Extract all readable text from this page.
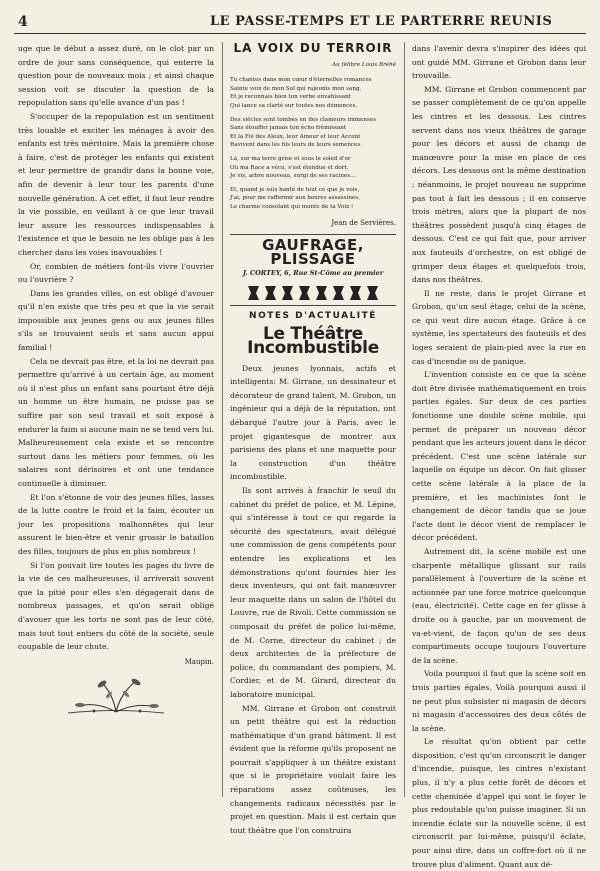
4	LE PASSE-TEMPS ET LE PARTERRE REUNIS

uge que le début a assez duré, on le clot par un ordre de jour sans conséquence, qui enterre la question pour de nouveaux mois ; et ainsi chaque session voit se discuter la question de la repopulation sans qu'elle avance d'un pas !

S'occuper de la repopulation est un sentiment très louable et exciter les ménages à avoir des enfants est très méritoire. Mais la première chose à faire, c'est de protéger les enfants qui existent et leur permettre de grandir dans la bonne voie, afin de devenir à leur tour les parents d'une nouvelle génération. A cet effet, il faut leur rendre la vie possible, en veillant à ce que leur travail leur assure les ressources indispensables à l'existence et que le besoin ne les oblige pas à les chercher dans les voies inavouables !

Or, combien de métiers font-ils vivre l'ouvrier ou l'ouvrière ?

Dans les grandes villes, on est obligé d'avouer qu'il n'en existe que très peu et que la vie serait impossible aux jeunes gens ou aux jeunes filles s'ils se trouvaient seuls et sans aucun appui familial !

Cela ne devrait pas être, et la loi ne devrait pas permettre qu'arrivé à un certain âge, au moment où il n'est plus un enfant sans pourtant être déjà un homme un être humain, ne puisse pas se suffire par son seul travail et soit exposé à endurer la faim si aucune main ne se tend vers lui. Malheureusement cela existe et se rencontre surtout dans les métiers pour femmes, où les salaires sont dérisoires et ont une tendance continuelle à diminuer.

Et l'on s'étonne de voir des jeunes filles, lasses de la lutte contre le froid et la faim, écouter un jour les propositions malhonnêtes qui leur assurent le bien-être et venir grossir le bataillon des filles, toujours de plus en plus nombreux !

Si l'on pouvait lire toutes les pages du livre de la vie de ces malheureuses, il arriverait souvent que la pitié pour elles s'en dégagerait dans de nombreux passages, et qu'on serait obligé d'avouer que les torts ne sont pas de leur côté, mais tout tout entiers du côté de la société, seule coupable de leur chute.

Maupin.
LA VOIX DU TERROIR
Au félibre Louis Bréhé
Tu chantes dans mon cœur d'éternelles romances
Sainte voix de mon Sol qui rajeunis mon sang,
Et je reconnais bien ton verbe envahissant
Qui lance sa clarté sur toutes nos démences.
Des siècles sont tombés en des clameurs immenses
Sans étouffer jamais ton écho frémissant
Et la Foi des Aïeux, leur Amour et leur Accent
Ravivent dans les fils leurs de leurs semences.
Là, sur ma terre grise et sous le soleil d'or
Où ma Race a vécu, s'est étendue et dort,
Je vis, arbre nouveau, surgi de ses racines...
Et, quand je suis hanté de tout ce que je vois,
J'ai, pour me raffermir aux heures assassines,
Le charme consolant qui monte de ta Voix !
Jean de Servières.
GAUFRAGE, PLISSAGE
J. CORTEY, 6, Rue St-Côme au premier
NOTES D'ACTUALITÉ
Le Théâtre Incombustible

Deux jeunes lyonnais, actifs et intelligents: M. Girrane, un dessinateur et décorateur de grand talent, M. Grobon, un ingénieur qui a déjà de la réputation, ont débarqué l'autre jour à Paris, avec le projet gigantesque de montrer aux parisiens des plans et une maquette pour la construction d'un théâtre incombustible.

Ils sont arrivés à franchir le seuil du cabinet du préfet de police, et M. Lépine, qui s'intéresse à tout ce qui regarde la sécurité des spectateurs, avait délégué une commission de gens compétents pour entendre les explications et les démonstrations qu'ont fournies hier les deux inventeurs, qui ont fait manœuvrer leur maquette dans un salon de l'hôtel du Louvre, rue de Rivoli. Cette commission se composait du préfet de police lui-même, de M. Corne, directeur du cabinet ; de deux architectes de la préfecture de police, du commandant des pompiers, M. Cordier, et de M. Girard, directeur du laboratoire municipal.

MM. Girrane et Grobon ont construit un petit théâtre qui est la réduction mathématique d'un grand bâtiment. Il est évident que la réforme qu'ils proposent ne pourrait s'appliquer à un théâtre existant que si le propriétaire voulait faire les réparations assez coûteuses, les changements radicaux nécessités par le projet en question. Mais il est certain que tout théâtre que l'on construira

dans l'avenir devra s'inspirer des idées qui ont guidé MM. Girrane et Grobon dans leur trouvaille.

MM. Girrane et Grobon commencent par se passer complètement de ce qu'on appelle les cintres et les dessous. Les cintres servent dans nos vieux théâtres de garage pour les décors et aussi de champ de manœuvre pour la mise en place de ces décors. Les dessous ont la même destination ; néanmoins, le projet nouveau ne supprime pas tout à fait les dessous ; il en conserve trois mètres, alors que la plupart de nos théâtres possèdent jusqu'à cinq étages de dessous. C'est ce qui fait que, pour arriver aux fauteuils d'orchestre, on est obligé de grimper deux étages et quelquefois trois, dans nos théâtres.

Il ne reste, dans le projet Girrane et Grobon, qu'un seul étage, celui de la scène, ce qui veut dire aucun étage. Grâce à ce système, les spectateurs des fauteuils et des loges seraient de plain-pied avec la rue en cas d'incendie ou de panique.

L'invention consiste en ce que la scène doit être divisée mathématiquement en trois parties égales. Sur deux de ces parties fonctionne une double scène mobile, qui permet de préparer un nouveau décor pendant que les acteurs jouent dans le décor précédent. C'est une scène latérale sur laquelle on équipe un décor. On fait glisser cette scène latérale à la place de la première, et les machinistes font le changement de décor tandis que se joue l'acte dont le décor vient de remplacer le décor précédent.

Autrement dit, la scène mobile est une charpente métallique glissant sur rails parallèlement à l'ouverture de la scène et actionnée par une force motrice quelconque (eau, électricité). Cette cage en fer glisse à droite ou à gauche, par un mouvement de va-et-vient, de façon qu'un de ses deux compartiments occupe toujours l'ouverture de la scène.

Voila pourquoi il faut que la scène soit en trois parties égales. Voilà pourquoi aussi il ne peut plus subsister ni magasin de décors ni magasin d'accessoires des deux côtés de la scène.

Le résultat qu'on obtient par cette disposition, c'est qu'on circonscrit le danger d'incendie, puisque, les cintres n'existant plus, il n'y a plus cette forêt de décors et cette cheminée d'appel qui sont le foyer le plus redoutable qu'on puisse imaginer. Si un incendie éclate sur la nouvelle scène, il est circonscrit par lui-même, puisqu'il éclate, pour ainsi dire, dans un coffre-fort où il ne trouve plus d'aliment. Quant aux dé-
